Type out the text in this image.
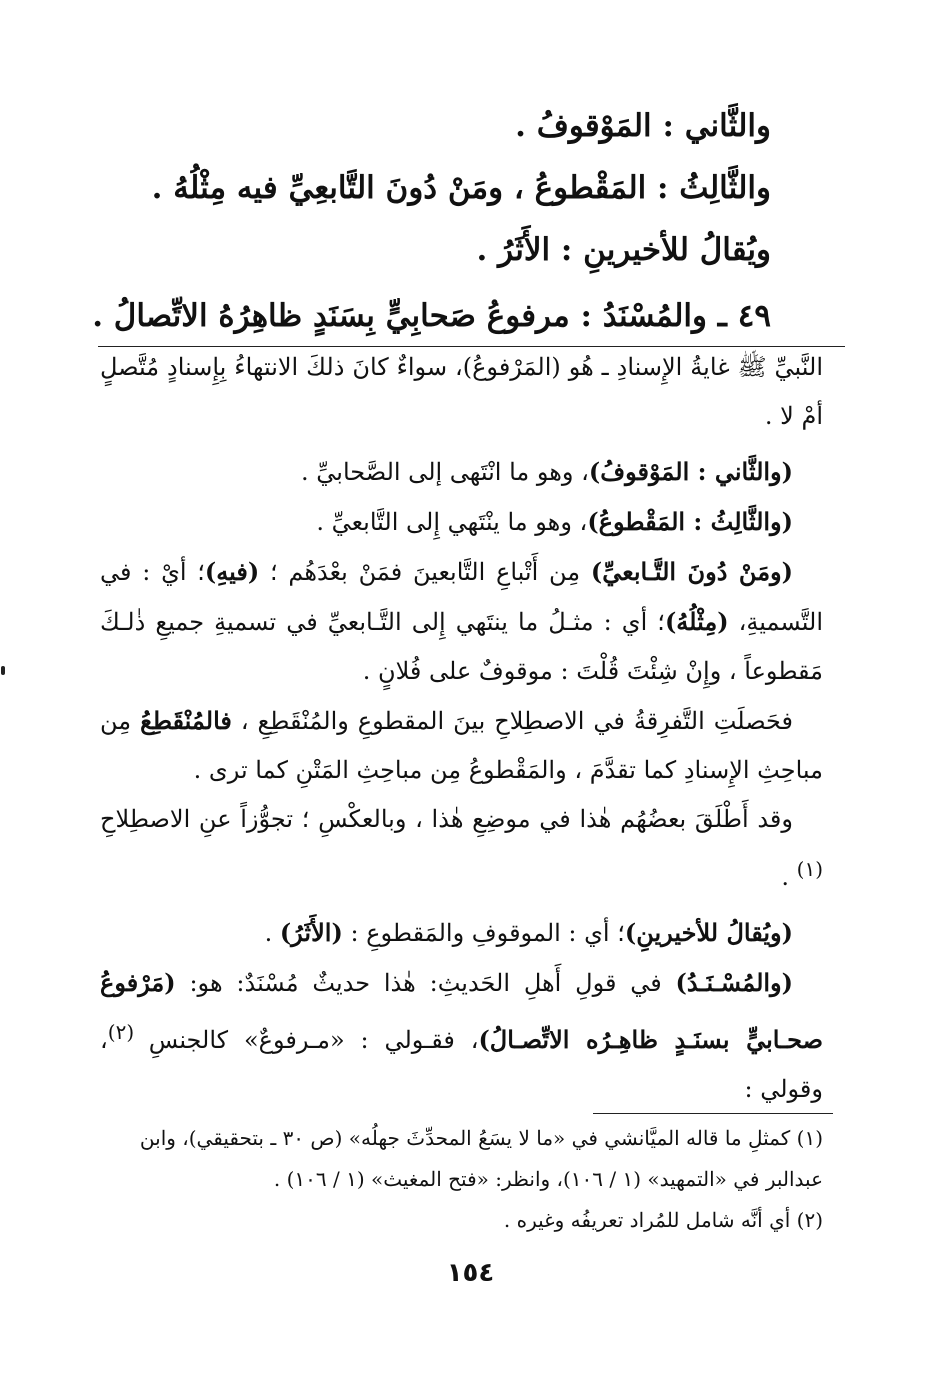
والثَّاني : المَوْقوفُ .
والثَّالِثُ : المَقْطوعُ ، ومَنْ دُونَ التَّابعِيِّ فيه مِثْلُهُ .
ويُقالُ للأخيرينِ : الأَثَرُ .
٤٩ ـ والمُسْنَدُ : مرفوعُ صَحابِيٍّ بِسَنَدٍ ظاهِرُهُ الاتِّصالُ .

النَّبيِّ ﷺ غايةُ الإِسنادِ ـ هُو (المَرْفوعُ)، سواءٌ كانَ ذلكَ الانتهاءُ بِإِسنادٍ مُتَّصلٍ أمْ لا .

(والثَّاني : المَوْقوفُ)، وهو ما انْتَهى إلى الصَّحابيِّ .

(والثَّالِثُ : المَقْطوعُ)، وهو ما ينْتَهي إِلى التَّابعيِّ .

(ومَنْ دُونَ التَّـابعيِّ) مِن أَتْباعِ التَّابعينَ فمَنْ بعْدَهُم ؛ (فيهِ)؛ أيْ : في التَّسميةِ، (مِثْلُهُ)؛ أي : مثـلُ ما ينتَهي إِلى التَّـابعيِّ في تسميةِ جميعِ ذٰلـكَ مَقطوعاً ، وإِنْ شِئْتَ قُلْتَ : موقوفٌ على فُلانٍ .

فحَصلَتِ التَّفرِقةُ في الاصطِلاحِ بينَ المقطوعِ والمُنْقَطِعِ ، فالمُنْقَطِعُ مِن مباحِثِ الإِسنادِ كما تقدَّمَ ، والمَقْطوعُ مِن مباحِثِ المَتْنِ كما ترى .

وقد أَطْلَقَ بعضُهُم هٰذا في موضِعِ هٰذا ، وبالعكْسِ ؛ تجوُّزاً عنِ الاصطِلاحِ $^{(١)}$ .

(ويُقالُ للأخيرينِ)؛ أي : الموقوفِ والمَقطوعِ : (الأَثَرُ) .

(والمُسْـنَـدُ) في قولِ أَهلِ الحَديثِ: هٰذا حديثٌ مُسْنَدٌ: هو: (مَرْفوعُ صحـابيٍّ بسنَـدٍ ظاهِـرُه الاتِّصـالُ)، فقـولي : «مـرفوعٌ» كالجنسِ $^{(٢)}$، وقولي :

(١) كمثلِ ما قاله الميَّانشي في «ما لا يسَعُ المحدِّثَ جهلُه» (ص ٣٠ ـ بتحقيقي)، وابن عبدالبر في «التمهيد» (١ / ١٠٦)، وانظر: «فتح المغيث» (١ / ١٠٦) .

(٢) أي أنَّه شامل للمُراد تعريفُه وغيره .

١٥٤
